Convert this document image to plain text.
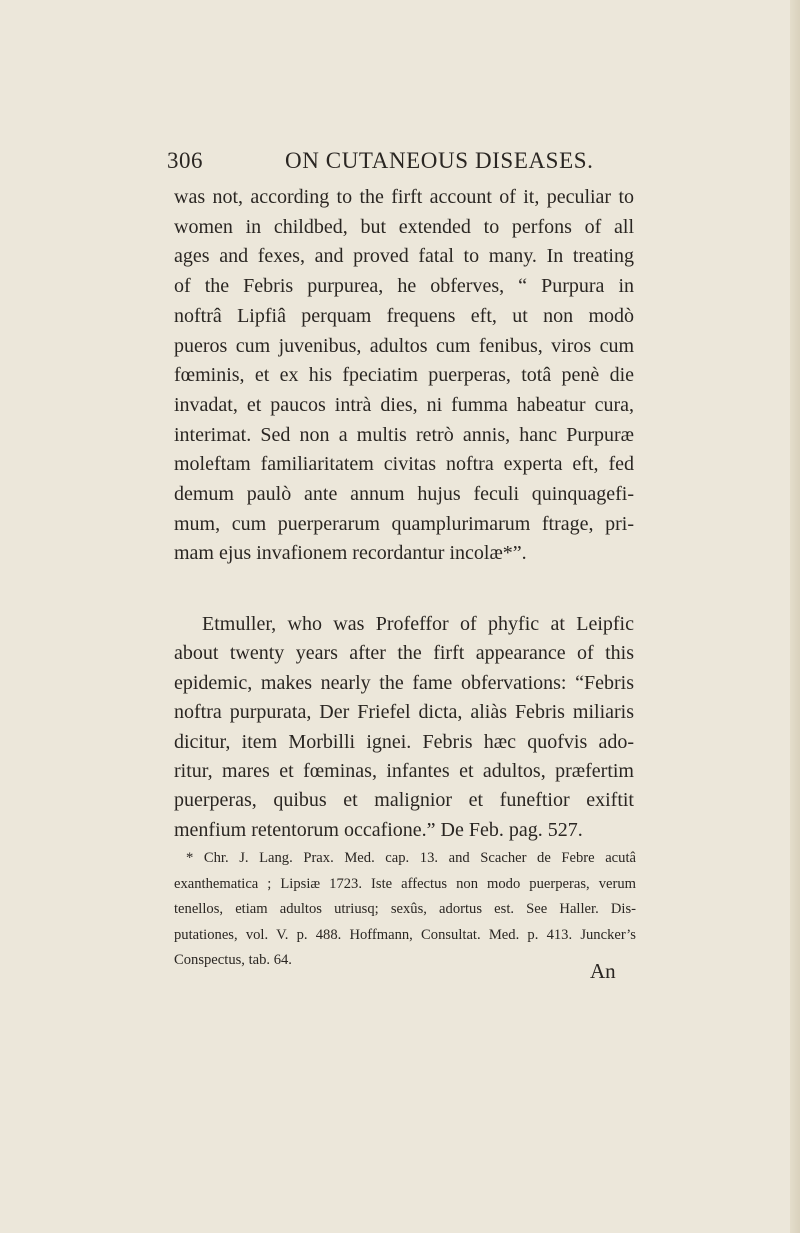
306	ON CUTANEOUS DISEASES.
was not, according to the firft account of it, peculiar to
women in childbed, but extended to perfons of all
ages and fexes, and proved fatal to many. In treating
of the Febris purpurea, he obferves, “ Purpura in
noftrâ Lipfiâ perquam frequens eft, ut non modò
pueros cum juvenibus, adultos cum fenibus, viros cum
fœminis, et ex his fpeciatim puerperas, totâ penè die
invadat, et paucos intrà dies, ni fumma habeatur cura,
interimat. Sed non a multis retrò annis, hanc Purpuræ
moleftam familiaritatem civitas noftra experta eft, fed
demum paulò ante annum hujus feculi quinquagefi-
mum, cum puerperarum quamplurimarum ftrage, pri-
mam ejus invafionem recordantur incolæ*”.
Etmuller, who was Profeffor of phyfic at Leipfic
about twenty years after the firft appearance of this
epidemic, makes nearly the fame obfervations: “Febris
noftra purpurata, Der Friefel dicta, aliàs Febris miliaris
dicitur, item Morbilli ignei. Febris hæc quofvis ado-
ritur, mares et fœminas, infantes et adultos, præfertim
puerperas, quibus et malignior et funeftior exiftit
menfium retentorum occafione.” De Feb. pag. 527.
* Chr. J. Lang. Prax. Med. cap. 13. and Scacher de Febre acutâ
exanthematica ; Lipsiæ 1723. Iste affectus non modo puerperas, verum
tenellos, etiam adultos utriusq; sexûs, adortus est. See Haller. Dis-
putationes, vol. V. p. 488. Hoffmann, Consultat. Med. p. 413. Juncker’s
Conspectus, tab. 64.	An
